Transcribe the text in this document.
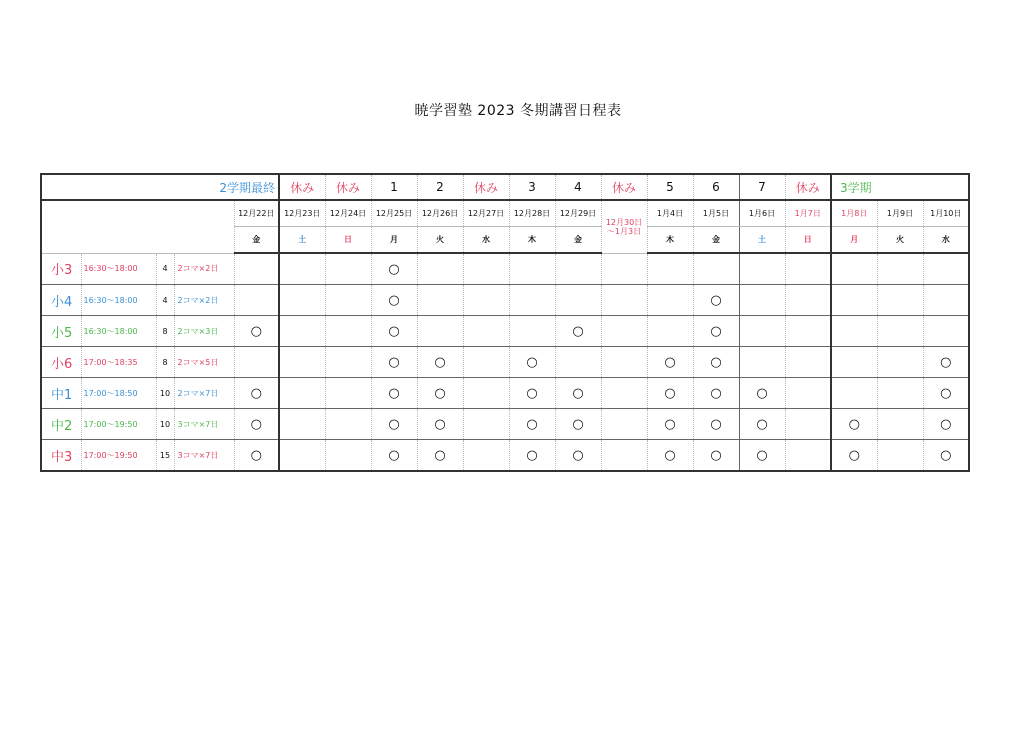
暁学習塾 2023 冬期講習日程表
2学期最終					休み	休み	1	2	休み	3	4	休み	5	6	7	休み	3学期		
				12月22日	12月23日	12月24日	12月25日	12月26日	12月27日	12月28日	12月29日	12月30日
〜1月3日	1月4日	1月5日	1月6日	1月7日	1月8日	1月9日	1月10日
				金	土	日	月	火	水	木	金		木	金	土	日	月	火	水
小3	16:30〜18:00	4	2コマ×2日				○												
小4	16:30〜18:00	4	2コマ×2日				○							○					
小5	16:30〜18:00	8	2コマ×3日	○			○				○			○					
小6	17:00〜18:35	8	2コマ×5日				○	○		○			○	○					○
中1	17:00〜18:50	10	2コマ×7日	○			○	○		○	○		○	○	○				○
中2	17:00〜19:50	10	3コマ×7日	○			○	○		○	○		○	○	○		○		○
中3	17:00〜19:50	15	3コマ×7日	○			○	○		○	○		○	○	○		○		○
